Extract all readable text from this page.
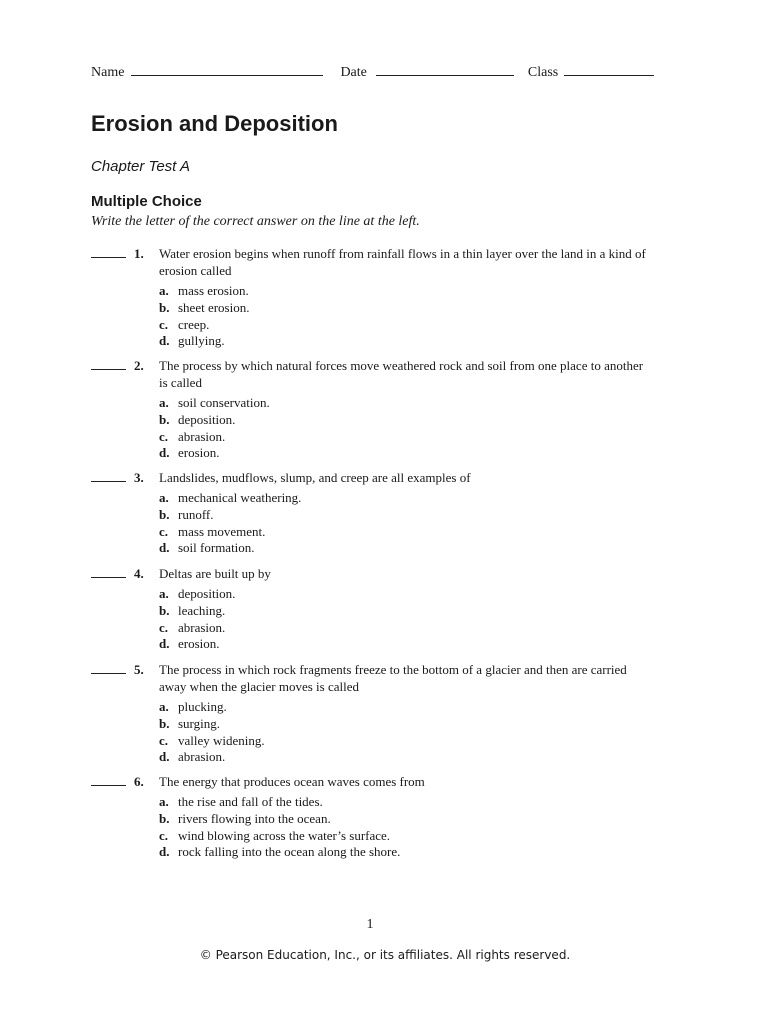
Name	Date	Class
Erosion and Deposition
Chapter Test A
Multiple Choice
Write the letter of the correct answer on the line at the left.
1. Water erosion begins when runoff from rainfall flows in a thin layer over the land in a kind of erosion called
a. mass erosion.
b. sheet erosion.
c. creep.
d. gullying.
2. The process by which natural forces move weathered rock and soil from one place to another is called
a. soil conservation.
b. deposition.
c. abrasion.
d. erosion.
3. Landslides, mudflows, slump, and creep are all examples of
a. mechanical weathering.
b. runoff.
c. mass movement.
d. soil formation.
4. Deltas are built up by
a. deposition.
b. leaching.
c. abrasion.
d. erosion.
5. The process in which rock fragments freeze to the bottom of a glacier and then are carried away when the glacier moves is called
a. plucking.
b. surging.
c. valley widening.
d. abrasion.
6. The energy that produces ocean waves comes from
a. the rise and fall of the tides.
b. rivers flowing into the ocean.
c. wind blowing across the water’s surface.
d. rock falling into the ocean along the shore.
1
© Pearson Education, Inc., or its affiliates. All rights reserved.
